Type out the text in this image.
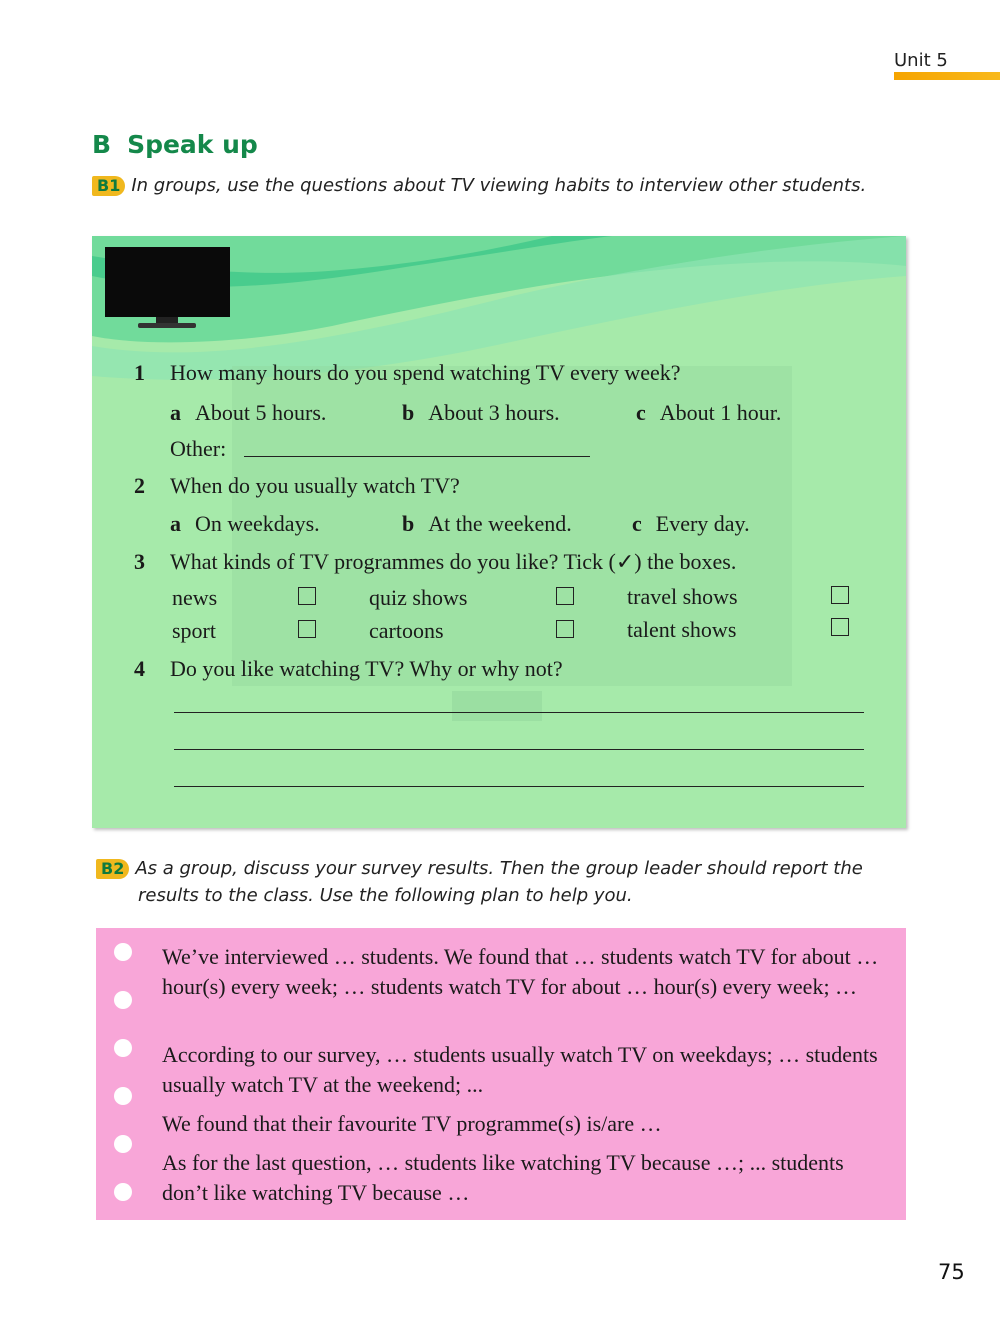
Unit 5
B Speak up
B1 In groups, use the questions about TV viewing habits to interview other students.
1 How many hours do you spend watching TV every week?
a About 5 hours.	b About 3 hours.	c About 1 hour.
Other:
2 When do you usually watch TV?
a On weekdays.	b At the weekend.	c Every day.
3 What kinds of TV programmes do you like? Tick (✓) the boxes.
news	quiz shows	travel shows
sport	cartoons	talent shows
4 Do you like watching TV? Why or why not?
B2 As a group, discuss your survey results. Then the group leader should report the
results to the class. Use the following plan to help you.
We’ve interviewed … students. We found that … students watch TV for about … hour(s) every week; … students watch TV for about … hour(s) every week; …
According to our survey, … students usually watch TV on weekdays; … students usually watch TV at the weekend; ...
We found that their favourite TV programme(s) is/are …
As for the last question, … students like watching TV because …; ... students don’t like watching TV because …
75
